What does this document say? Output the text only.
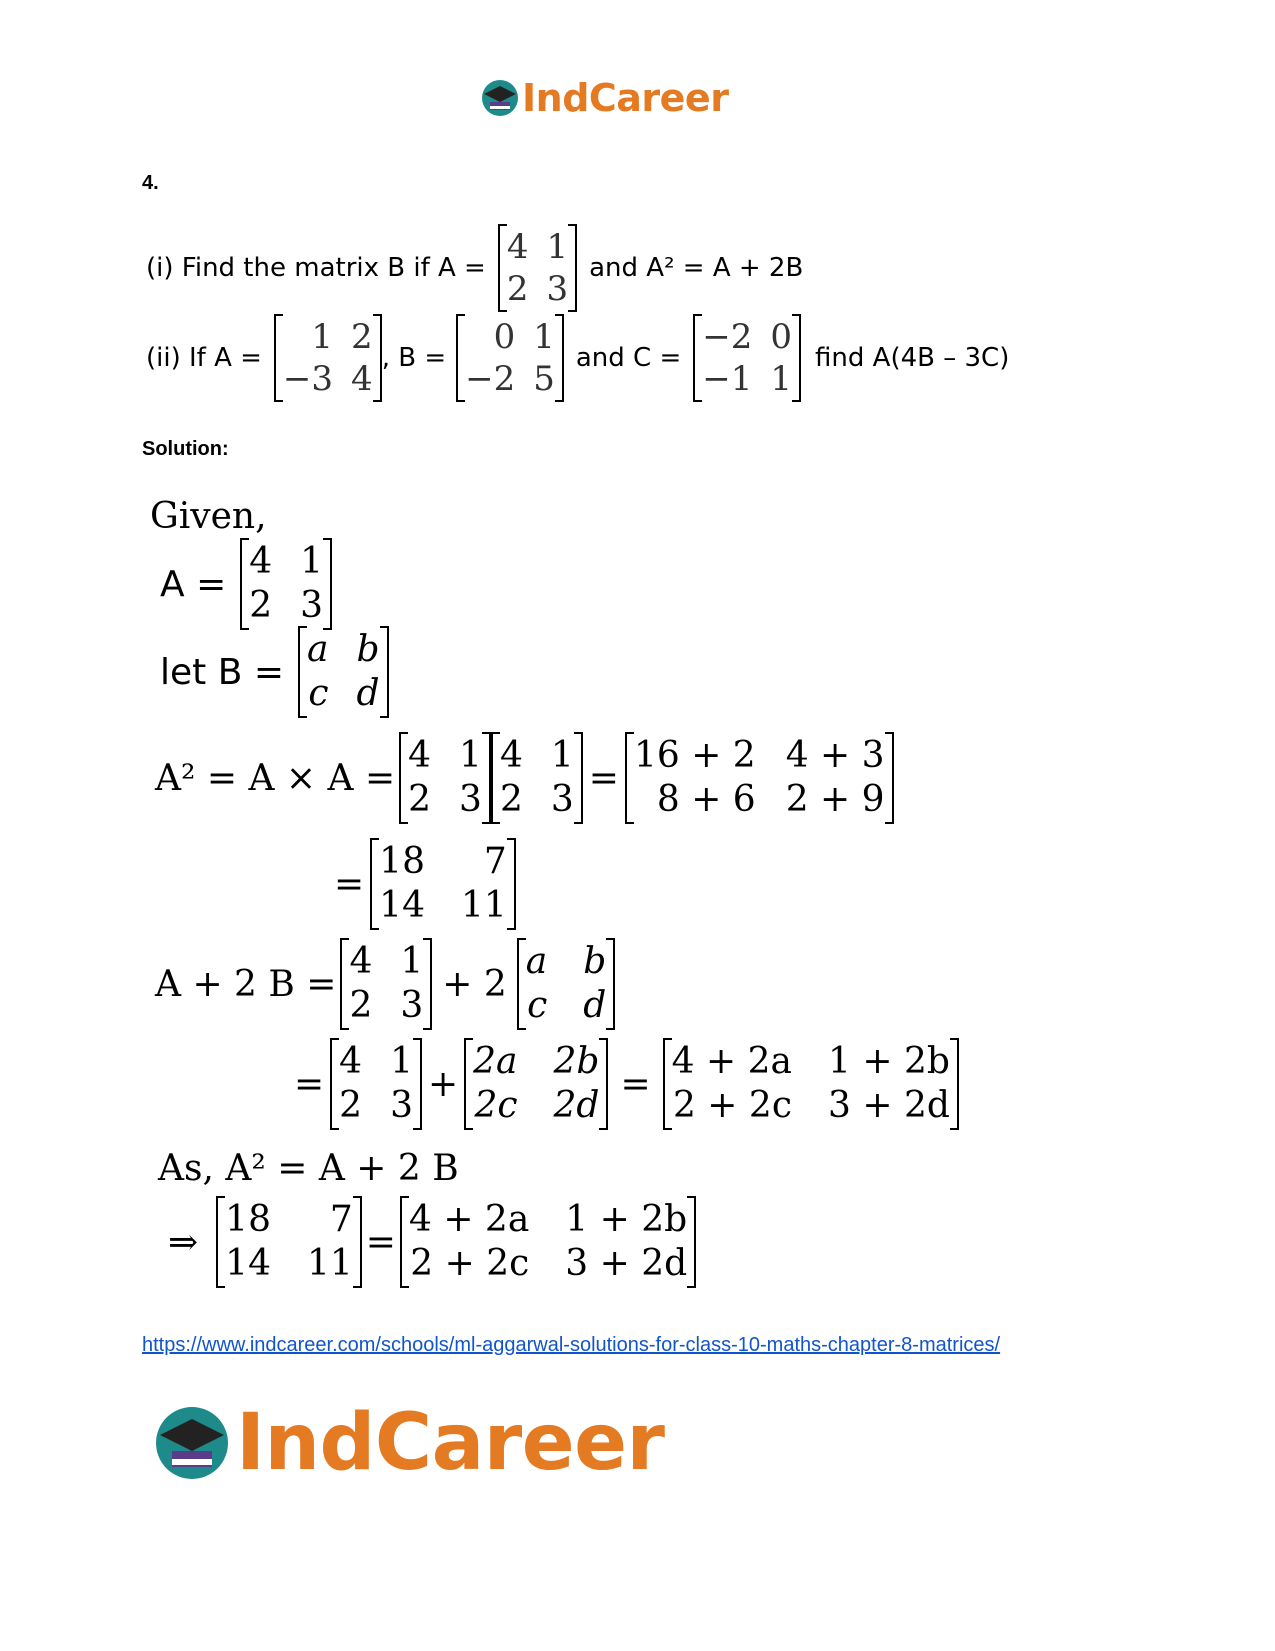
IndCareer
4.
(i) Find the matrix B if A =
4 1
2 3
and A² = A + 2B
(ii) If A =
1 2
−3 4
, B =
0 1
−2 5
and C =
−2 0
−1 1
find A(4B – 3C)
Solution:
Given,
A =
4 1
2 3
let B =
a b
c d
A² = A × A =
4 1
2 3
4 1
2 3
=
16 + 2 4 + 3
8 + 6 2 + 9
=
18	7
14 11
A + 2 B =
4 1
2 3
+ 2
a b
c d
=
4 1
2 3
+
2a 2b
2c 2d
=
4 + 2a 1 + 2b
2 + 2c 3 + 2d
As, A² = A + 2 B
⇒
18	7
14 11
=
4 + 2a 1 + 2b
2 + 2c 3 + 2d
https://www.indcareer.com/schools/ml-aggarwal-solutions-for-class-10-maths-chapter-8-matrices/
IndCareer
